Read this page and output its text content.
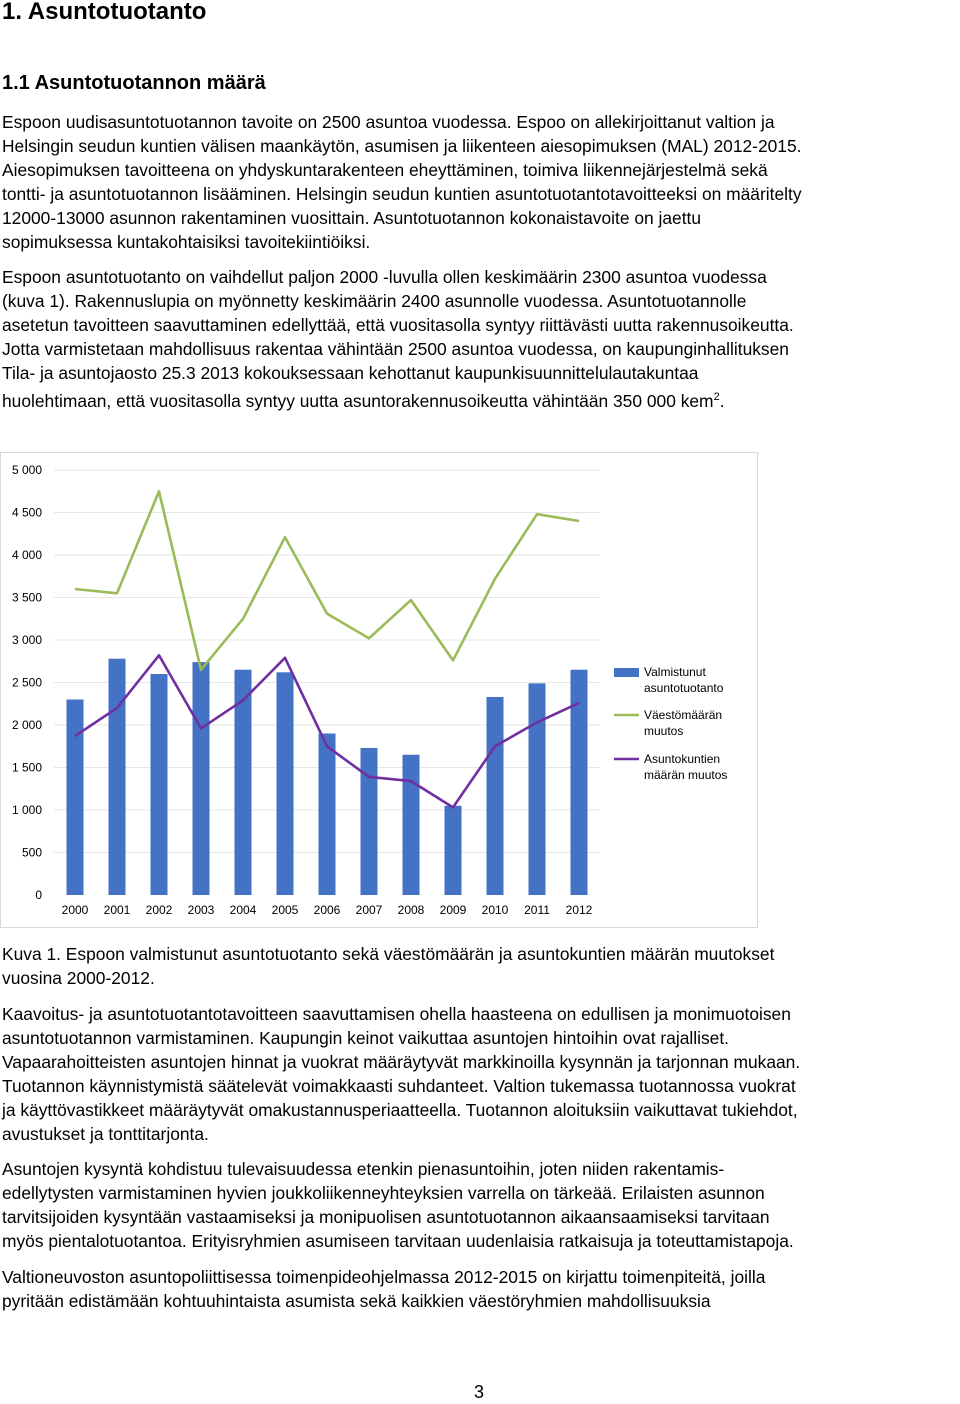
1. Asuntotuotanto
1.1 Asuntotuotannon määrä
Espoon uudisasuntotuotannon tavoite on 2500 asuntoa vuodessa. Espoo on allekirjoittanut valtion ja
Helsingin seudun kuntien välisen maankäytön, asumisen ja liikenteen aiesopimuksen (MAL) 2012-2015.
Aiesopimuksen tavoitteena on yhdyskuntarakenteen eheyttäminen, toimiva liikennejärjestelmä sekä
tontti- ja asuntotuotannon lisääminen. Helsingin seudun kuntien asuntotuotantotavoitteeksi on määritelty
12000-13000 asunnon rakentaminen vuosittain. Asuntotuotannon kokonaistavoite on jaettu
sopimuksessa kuntakohtaisiksi tavoitekiintiöiksi.
Espoon asuntotuotanto on vaihdellut paljon 2000 -luvulla ollen keskimäärin 2300 asuntoa vuodessa
(kuva 1). Rakennuslupia on myönnetty keskimäärin 2400 asunnolle vuodessa. Asuntotuotannolle
asetetun tavoitteen saavuttaminen edellyttää, että vuositasolla syntyy riittävästi uutta rakennusoikeutta.
Jotta varmistetaan mahdollisuus rakentaa vähintään 2500 asuntoa vuodessa, on kaupunginhallituksen
Tila- ja asuntojaosto 25.3 2013 kokouksessaan kehottanut kaupunkisuunnittelulautakuntaa
huolehtimaan, että vuositasolla syntyy uutta asuntorakennusoikeutta vähintään 350 000 kem$^2$.
0
500
1 000
1 500
2 000
2 500
3 000
3 500
4 000
4 500
5 000
2000 2001 2002 2003 2004 2005 2006 2007 2008 2009 2010 2011 2012
Valmistunut
asuntotuotanto
Väestömäärän
muutos
Asuntokuntien
määrän muutos
Kuva 1. Espoon valmistunut asuntotuotanto sekä väestömäärän ja asuntokuntien määrän muutokset
vuosina 2000-2012.
Kaavoitus- ja asuntotuotantotavoitteen saavuttamisen ohella haasteena on edullisen ja monimuotoisen
asuntotuotannon varmistaminen. Kaupungin keinot vaikuttaa asuntojen hintoihin ovat rajalliset.
Vapaarahoitteisten asuntojen hinnat ja vuokrat määräytyvät markkinoilla kysynnän ja tarjonnan mukaan.
Tuotannon käynnistymistä säätelevät voimakkaasti suhdanteet. Valtion tukemassa tuotannossa vuokrat
ja käyttövastikkeet määräytyvät omakustannusperiaatteella. Tuotannon aloituksiin vaikuttavat tukiehdot,
avustukset ja tonttitarjonta.
Asuntojen kysyntä kohdistuu tulevaisuudessa etenkin pienasuntoihin, joten niiden rakentamis-
edellytysten varmistaminen hyvien joukkoliikenneyhteyksien varrella on tärkeää. Erilaisten asunnon
tarvitsijoiden kysyntään vastaamiseksi ja monipuolisen asuntotuotannon aikaansaamiseksi tarvitaan
myös pientalotuotantoa. Erityisryhmien asumiseen tarvitaan uudenlaisia ratkaisuja ja toteuttamistapoja.
Valtioneuvoston asuntopoliittisessa toimenpideohjelmassa 2012-2015 on kirjattu toimenpiteitä, joilla
pyritään edistämään kohtuuhintaista asumista sekä kaikkien väestöryhmien mahdollisuuksia
3
